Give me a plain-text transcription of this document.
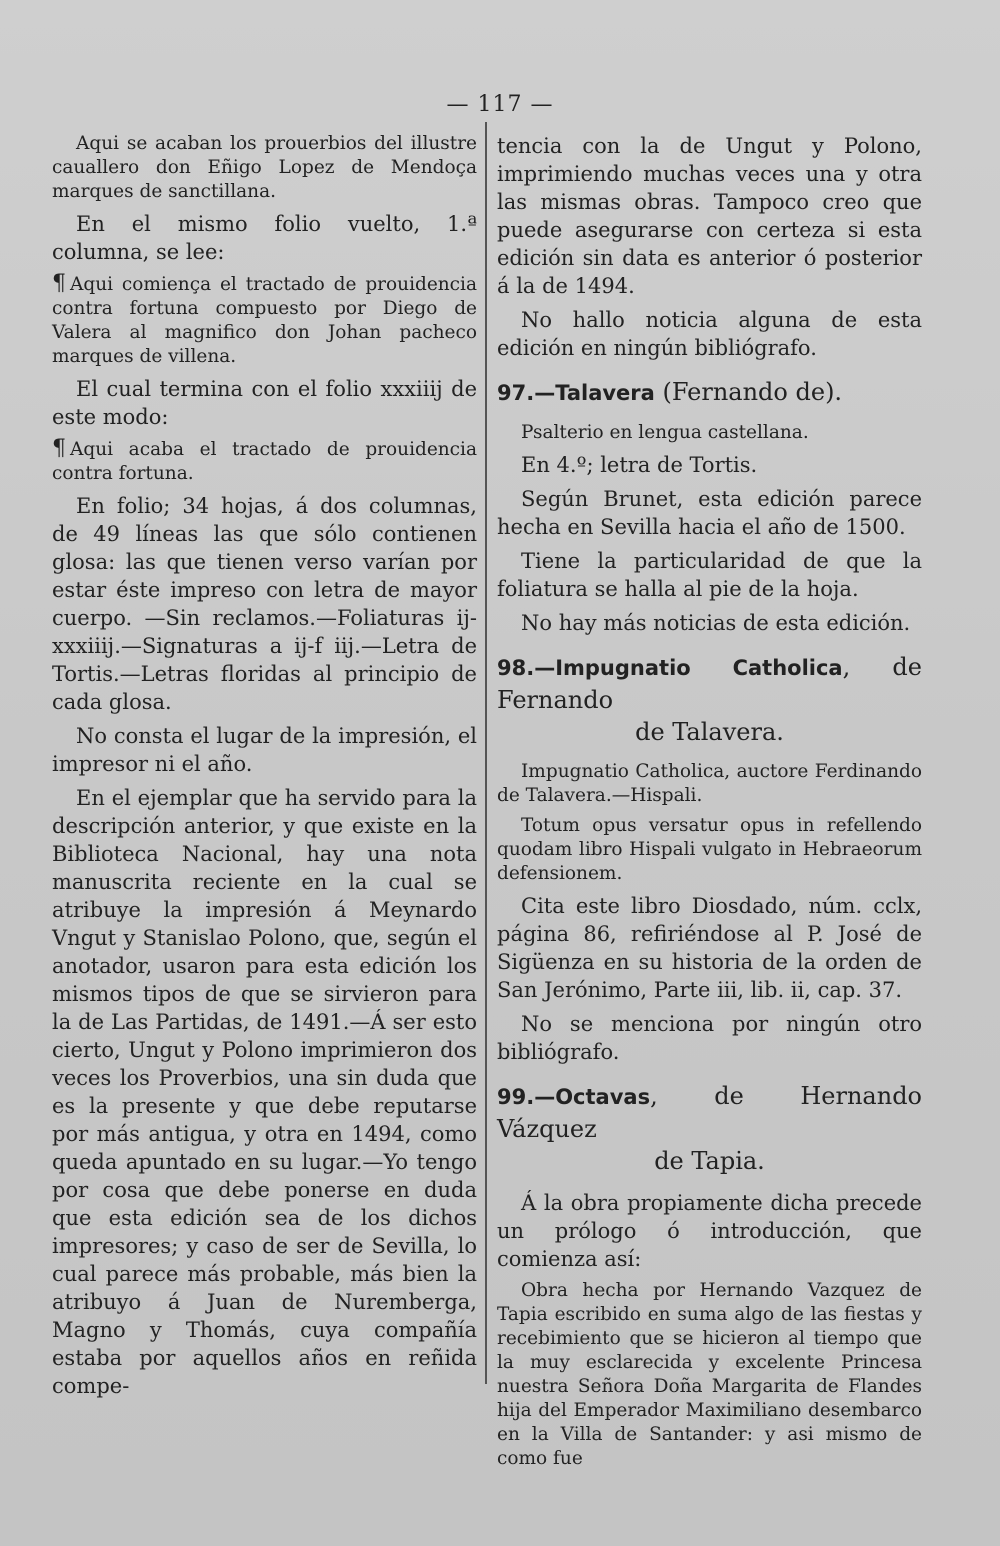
— 117 —

Aqui se acaban los prouerbios del illustre cauallero don Eñigo Lopez de Mendoça marques de sanctillana.

En el mismo folio vuelto, 1.ª columna, se lee:

¶ Aqui comiença el tractado de prouidencia contra fortuna compuesto por Diego de Valera al magnifico don Johan pacheco marques de villena.

El cual termina con el folio xxxiiij de este modo:

¶ Aqui acaba el tractado de prouidencia contra fortuna.

En folio; 34 hojas, á dos columnas, de 49 líneas las que sólo contienen glosa: las que tienen verso varían por estar éste impreso con letra de mayor cuerpo. —Sin reclamos.—Foliaturas ij-xxxiiij.—Signaturas a ij-f iij.—Letra de Tortis.—Letras floridas al principio de cada glosa.

No consta el lugar de la impresión, el impresor ni el año.

En el ejemplar que ha servido para la descripción anterior, y que existe en la Biblioteca Nacional, hay una nota manuscrita reciente en la cual se atribuye la impresión á Meynardo Vngut y Stanislao Polono, que, según el anotador, usaron para esta edición los mismos tipos de que se sirvieron para la de Las Partidas, de 1491.—Á ser esto cierto, Ungut y Polono imprimieron dos veces los Proverbios, una sin duda que es la presente y que debe reputarse por más antigua, y otra en 1494, como queda apuntado en su lugar.—Yo tengo por cosa que debe ponerse en duda que esta edición sea de los dichos impresores; y caso de ser de Sevilla, lo cual parece más probable, más bien la atribuyo á Juan de Nuremberga, Magno y Thomás, cuya compañía estaba por aquellos años en reñida compe-

tencia con la de Ungut y Polono, imprimiendo muchas veces una y otra las mismas obras. Tampoco creo que puede asegurarse con certeza si esta edición sin data es anterior ó posterior á la de 1494.

No hallo noticia alguna de esta edición en ningún bibliógrafo.

97.—Talavera (Fernando de).

Psalterio en lengua castellana.

En 4.º; letra de Tortis.

Según Brunet, esta edición parece hecha en Sevilla hacia el año de 1500.

Tiene la particularidad de que la foliatura se halla al pie de la hoja.

No hay más noticias de esta edición.

98.—Impugnatio Catholica, de Fernando
de Talavera.

Impugnatio Catholica, auctore Ferdinando de Talavera.—Hispali.

Totum opus versatur opus in refellendo quodam libro Hispali vulgato in Hebraeorum defensionem.

Cita este libro Diosdado, núm. cclx, página 86, refiriéndose al P. José de Sigüenza en su historia de la orden de San Jerónimo, Parte iii, lib. ii, cap. 37.

No se menciona por ningún otro bibliógrafo.

99.—Octavas, de Hernando Vázquez
de Tapia.

Á la obra propiamente dicha precede un prólogo ó introducción, que comienza así:

Obra hecha por Hernando Vazquez de Tapia escribido en suma algo de las fiestas y recebimiento que se hicieron al tiempo que la muy esclarecida y excelente Princesa nuestra Señora Doña Margarita de Flandes hija del Emperador Maximiliano desembarco en la Villa de Santander: y asi mismo de como fue
